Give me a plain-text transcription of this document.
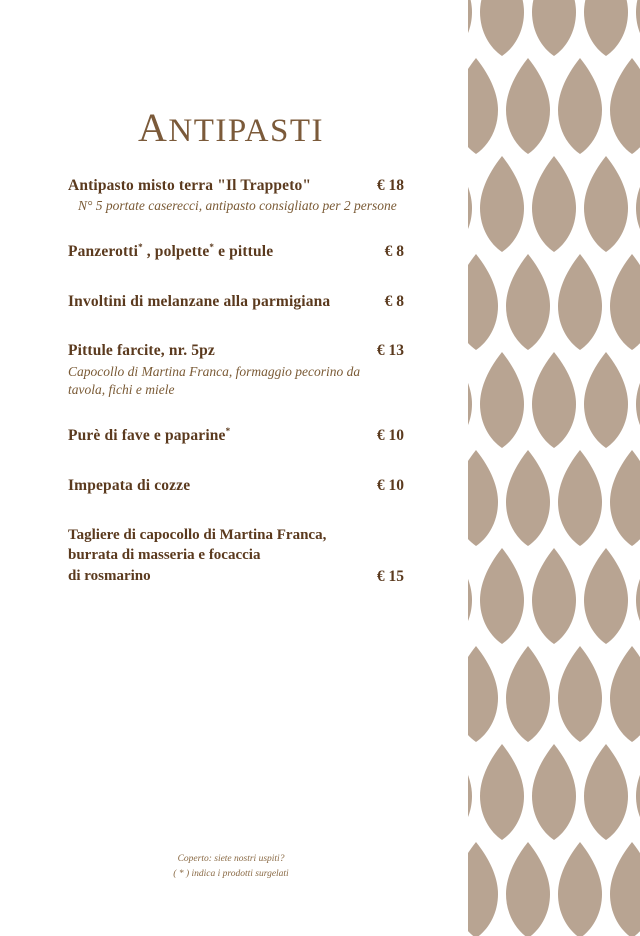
ANTIPASTI
Antipasto misto terra "Il Trappeto"	€ 18
N° 5 portate caserecci, antipasto consigliato per 2 persone
Panzerotti* , polpette* e pittule	€ 8
Involtini di melanzane alla parmigiana	€ 8
Pittule farcite, nr. 5pz	€ 13
Capocollo di Martina Franca, formaggio pecorino da tavola, fichi e miele
Purè di fave e paparine*	€ 10
Impepata di cozze	€ 10
Tagliere di capocollo di Martina Franca,
burrata di masseria e focaccia
di rosmarino	€ 15
Coperto: siete nostri uspiti?
( * ) indica i prodotti surgelati
